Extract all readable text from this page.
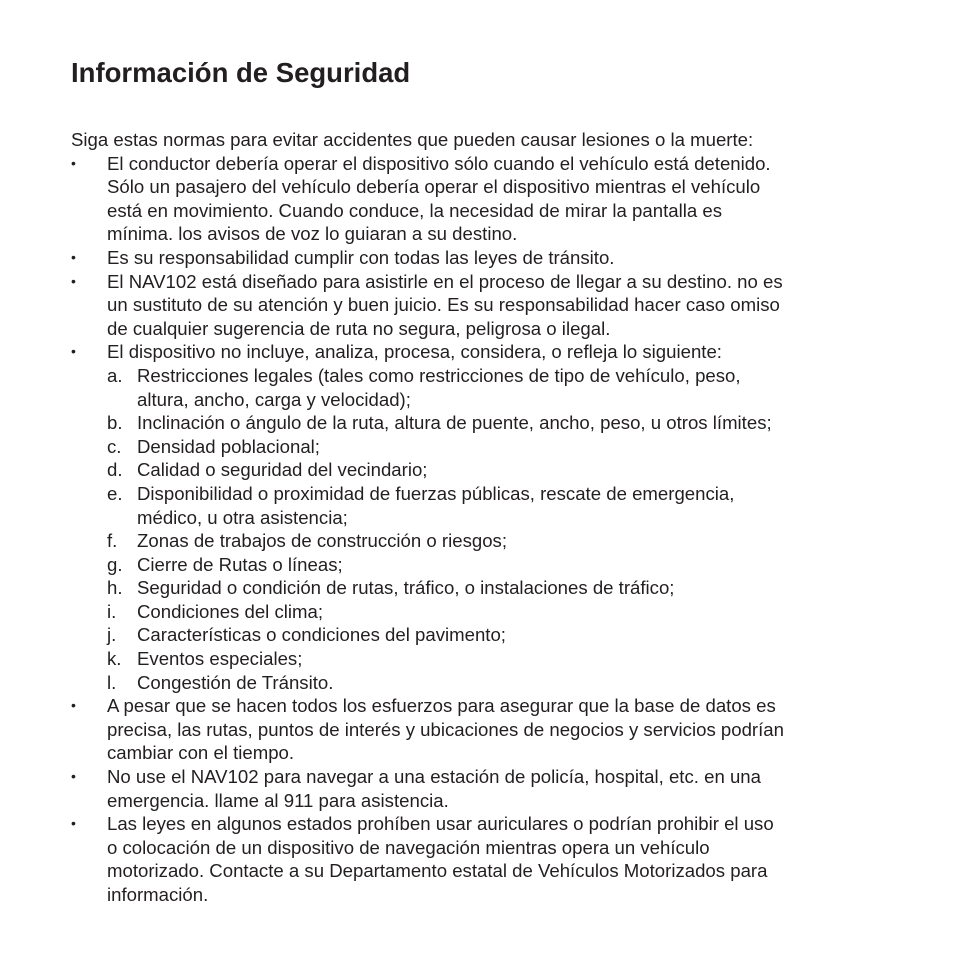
Información de Seguridad

Siga estas normas para evitar accidentes que pueden causar lesiones o la muerte:

• El conductor debería operar el dispositivo sólo cuando el vehículo está detenido.
Sólo un pasajero del vehículo debería operar el dispositivo mientras el vehículo
está en movimiento. Cuando conduce, la necesidad de mirar la pantalla es
mínima. los avisos de voz lo guiaran a su destino.
• Es su responsabilidad cumplir con todas las leyes de tránsito.
• El NAV102 está diseñado para asistirle en el proceso de llegar a su destino. no es
un sustituto de su atención y buen juicio. Es su responsabilidad hacer caso omiso
de cualquier sugerencia de ruta no segura, peligrosa o ilegal.
• El dispositivo no incluye, analiza, procesa, considera, o refleja lo siguiente:
a. Restricciones legales (tales como restricciones de tipo de vehículo, peso,
altura, ancho, carga y velocidad);
b. Inclinación o ángulo de la ruta, altura de puente, ancho, peso, u otros límites;
c. Densidad poblacional;
d. Calidad o seguridad del vecindario;
e. Disponibilidad o proximidad de fuerzas públicas, rescate de emergencia,
médico, u otra asistencia;
f. Zonas de trabajos de construcción o riesgos;
g. Cierre de Rutas o líneas;
h. Seguridad o condición de rutas, tráfico, o instalaciones de tráfico;
i. Condiciones del clima;
j. Características o condiciones del pavimento;
k. Eventos especiales;
l. Congestión de Tránsito.
• A pesar que se hacen todos los esfuerzos para asegurar que la base de datos es
precisa, las rutas, puntos de interés y ubicaciones de negocios y servicios podrían
cambiar con el tiempo.
• No use el NAV102 para navegar a una estación de policía, hospital, etc. en una
emergencia. llame al 911 para asistencia.
• Las leyes en algunos estados prohíben usar auriculares o podrían prohibir el uso
o colocación de un dispositivo de navegación mientras opera un vehículo
motorizado. Contacte a su Departamento estatal de Vehículos Motorizados para
información.
